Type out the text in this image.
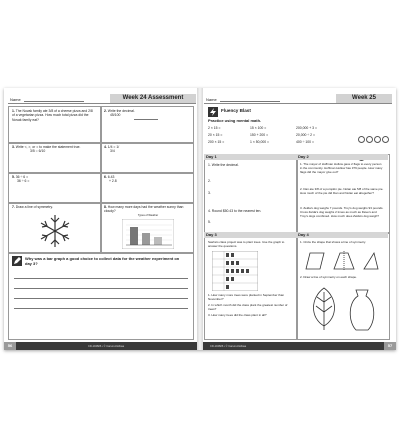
Name	Week 24 Assessment
1. The Novak family ate 3/8 of a cheese pizza and 2/8 of a vegetarian pizza. How much total pizza did the Novak family eat?
2. Write the decimal.
45/100
3. Write <, >, or = to make the statement true.
3/5 ○ 6/10
4. 1/4 = 1/
3/4
5. 36 ÷ 6 =
36 ÷ 6 =
6. 6.43
+ 2.8
7. Draw a line of symmetry.	8. How many more days had the weather sunny than cloudy?
Types of Weather
Why was a bar graph a good choice to collect data for the weather experiment on day 3?
56	CD-104826 • © Carson-Dellosa
Name	Week 25
Fluency Blast
Practice using mental math.
2 × 15 =	15 × 100 =	200,000 + 3 =
20 × 15 =	150 + 200 =	20,000 ÷ 2 =
200 × 15 =	1 × 50,000 =	400 ÷ 100 =
Day 1
1. Write the decimal.
2.
3.
4. Round $50.43 to the nearest ten.
5.
Day 2
1. The mayor of Hoffman Hollow gave 2 flags to every person in the community. Hoffman Hollow has 379 people. How many flags did the mayor give out?
2. Dan ate 3/8 of a pumpkin pie. Nolan ate 5/8 of the same pie. How much of the pie did Dan and Nolan eat altogether?
3. Zelda's dog weighs 7 pounds. Troy's dog weighs 93 pounds. Cross Zelda's dog weighs 2 times as much as Dave's and Troy's dogs combined. How much does Zelda's dog weigh?
Day 3
Sasha's class project was to plant trees. Use the graph to answer the questions.
1. How many more trees were planted in September than November?
2. In which month did the class plant the greatest number of trees?
3. How many trees did the class plant in all?
Day 4
1. Circle the shape that shows a line of symmetry.
2. Draw a line of symmetry on each shape.
CD-104826 • © Carson-Dellosa	57
